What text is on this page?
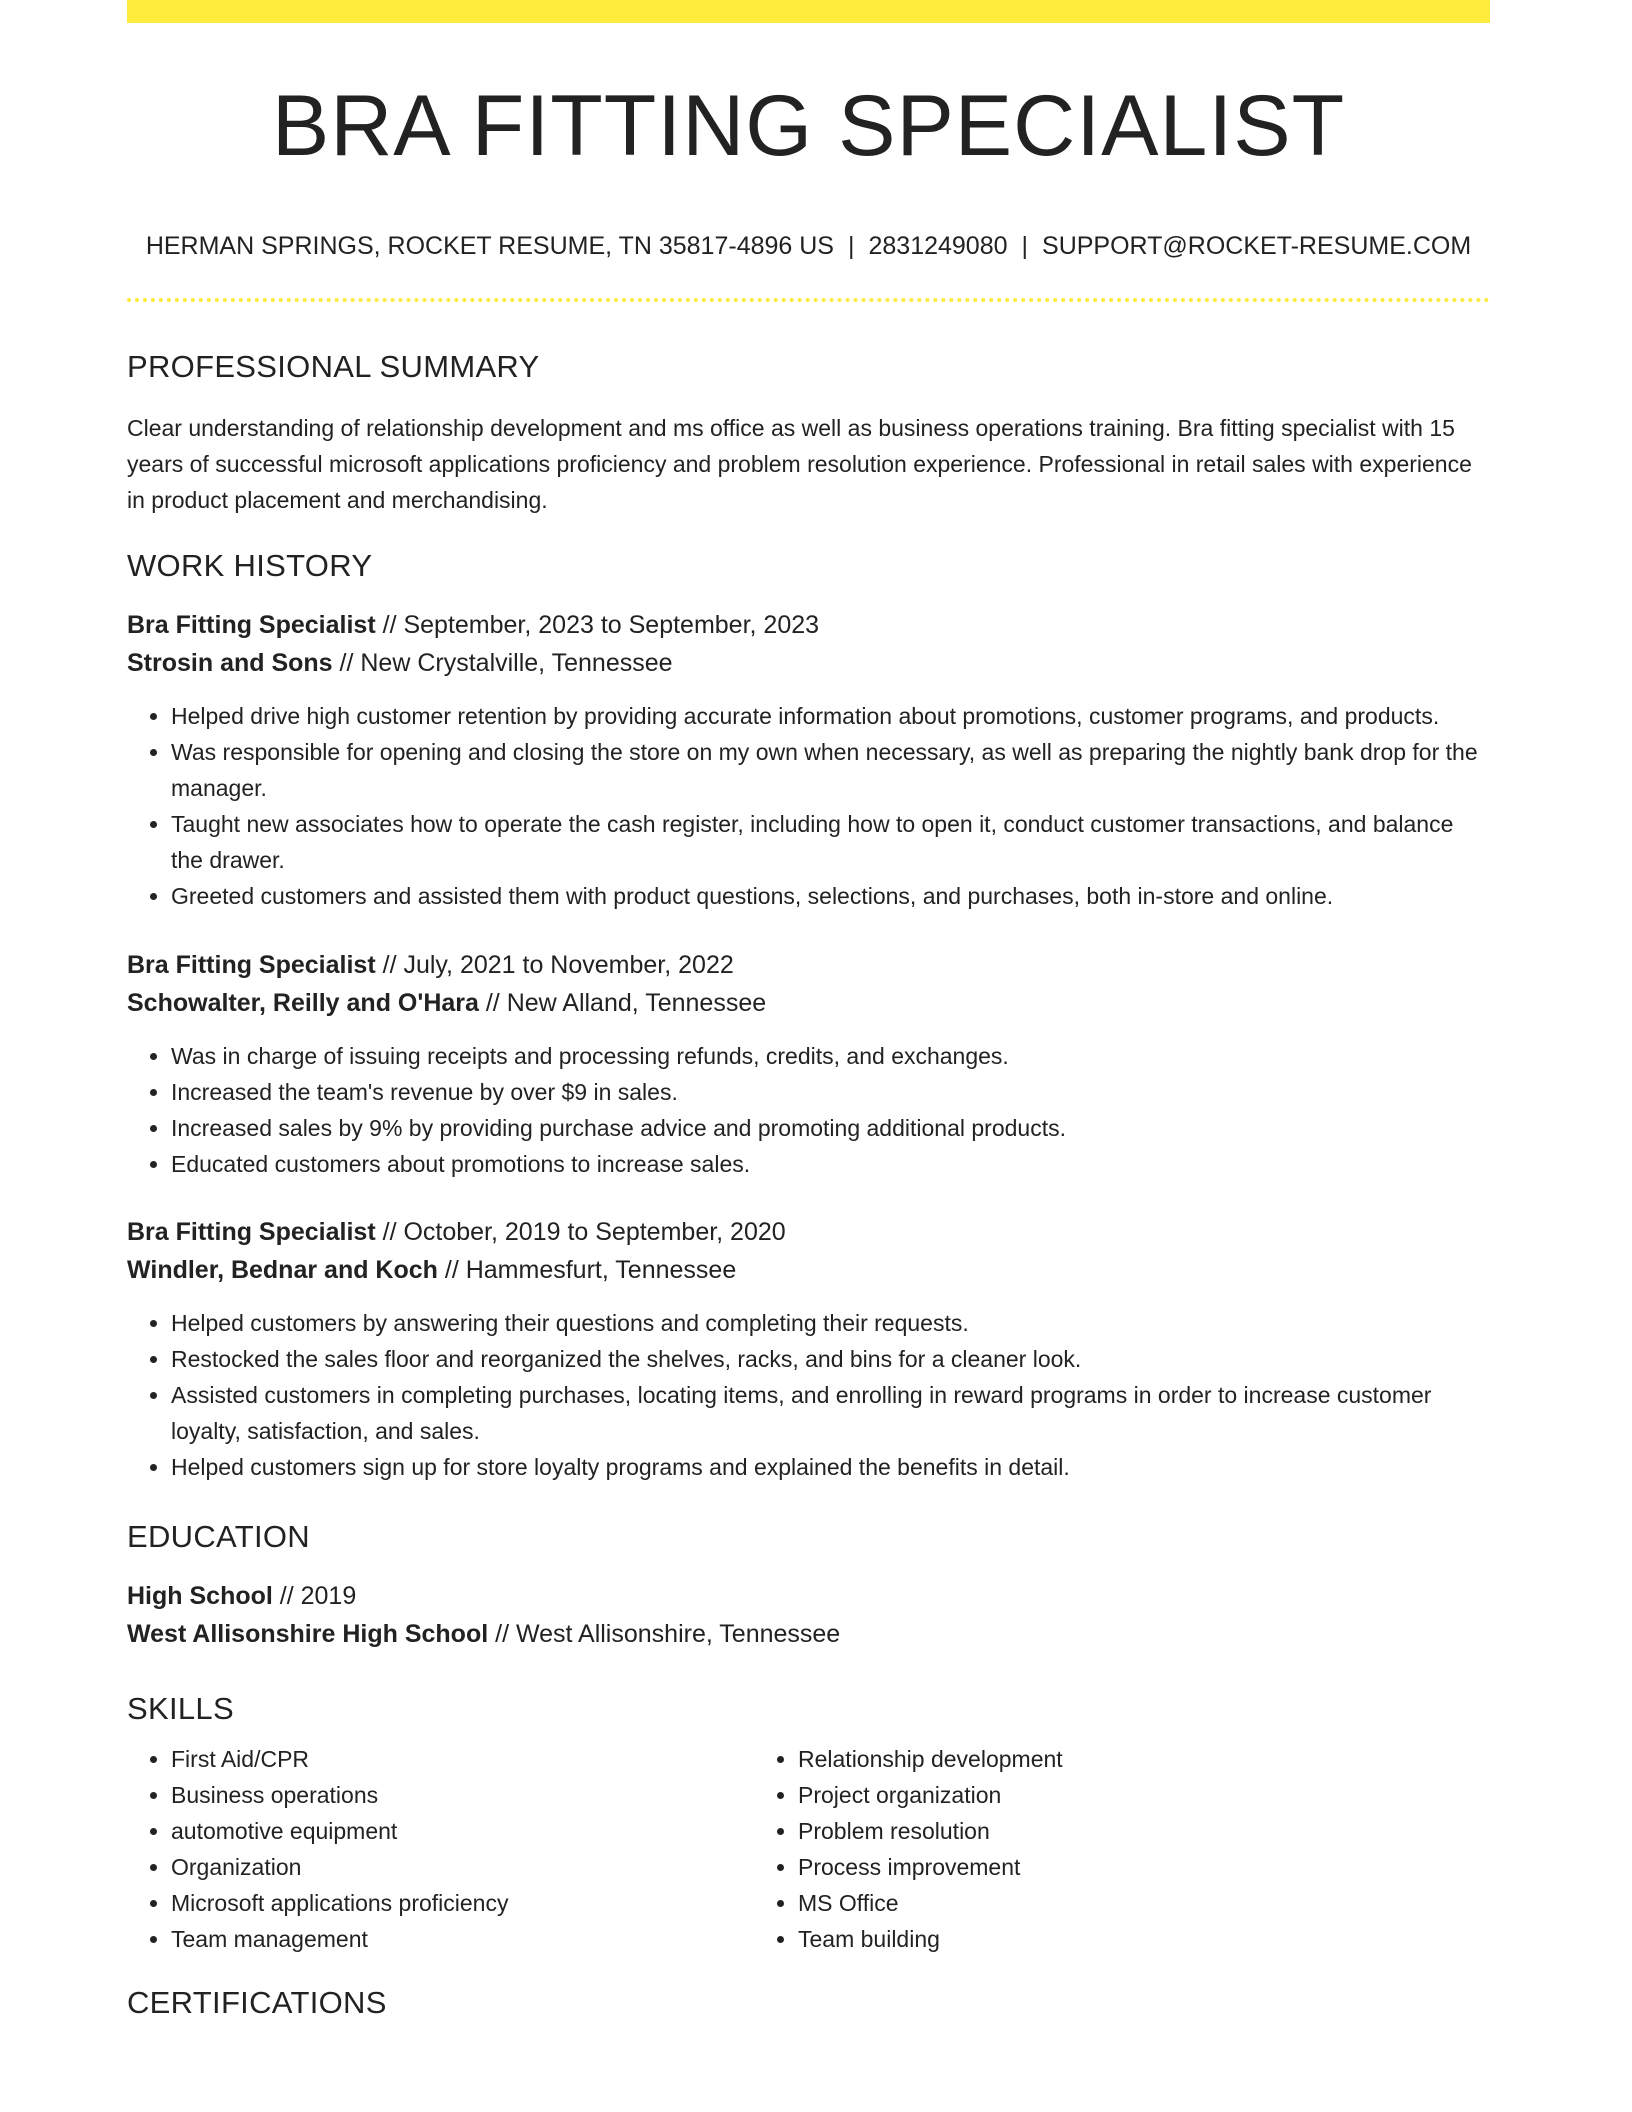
BRA FITTING SPECIALIST
HERMAN SPRINGS, ROCKET RESUME, TN 35817-4896 US | 2831249080 | SUPPORT@ROCKET-RESUME.COM
PROFESSIONAL SUMMARY
Clear understanding of relationship development and ms office as well as business operations training. Bra fitting specialist with 15 years of successful microsoft applications proficiency and problem resolution experience. Professional in retail sales with experience in product placement and merchandising.
WORK HISTORY
Bra Fitting Specialist // September, 2023 to September, 2023
Strosin and Sons // New Crystalville, Tennessee
• Helped drive high customer retention by providing accurate information about promotions, customer programs, and products.
• Was responsible for opening and closing the store on my own when necessary, as well as preparing the nightly bank drop for the manager.
• Taught new associates how to operate the cash register, including how to open it, conduct customer transactions, and balance the drawer.
• Greeted customers and assisted them with product questions, selections, and purchases, both in-store and online.
Bra Fitting Specialist // July, 2021 to November, 2022
Schowalter, Reilly and O'Hara // New Alland, Tennessee
• Was in charge of issuing receipts and processing refunds, credits, and exchanges.
• Increased the team's revenue by over $9 in sales.
• Increased sales by 9% by providing purchase advice and promoting additional products.
• Educated customers about promotions to increase sales.
Bra Fitting Specialist // October, 2019 to September, 2020
Windler, Bednar and Koch // Hammesfurt, Tennessee
• Helped customers by answering their questions and completing their requests.
• Restocked the sales floor and reorganized the shelves, racks, and bins for a cleaner look.
• Assisted customers in completing purchases, locating items, and enrolling in reward programs in order to increase customer loyalty, satisfaction, and sales.
• Helped customers sign up for store loyalty programs and explained the benefits in detail.
EDUCATION
High School // 2019
West Allisonshire High School // West Allisonshire, Tennessee
SKILLS
• First Aid/CPR
• Business operations
• automotive equipment
• Organization
• Microsoft applications proficiency
• Team management
• Relationship development
• Project organization
• Problem resolution
• Process improvement
• MS Office
• Team building
CERTIFICATIONS
